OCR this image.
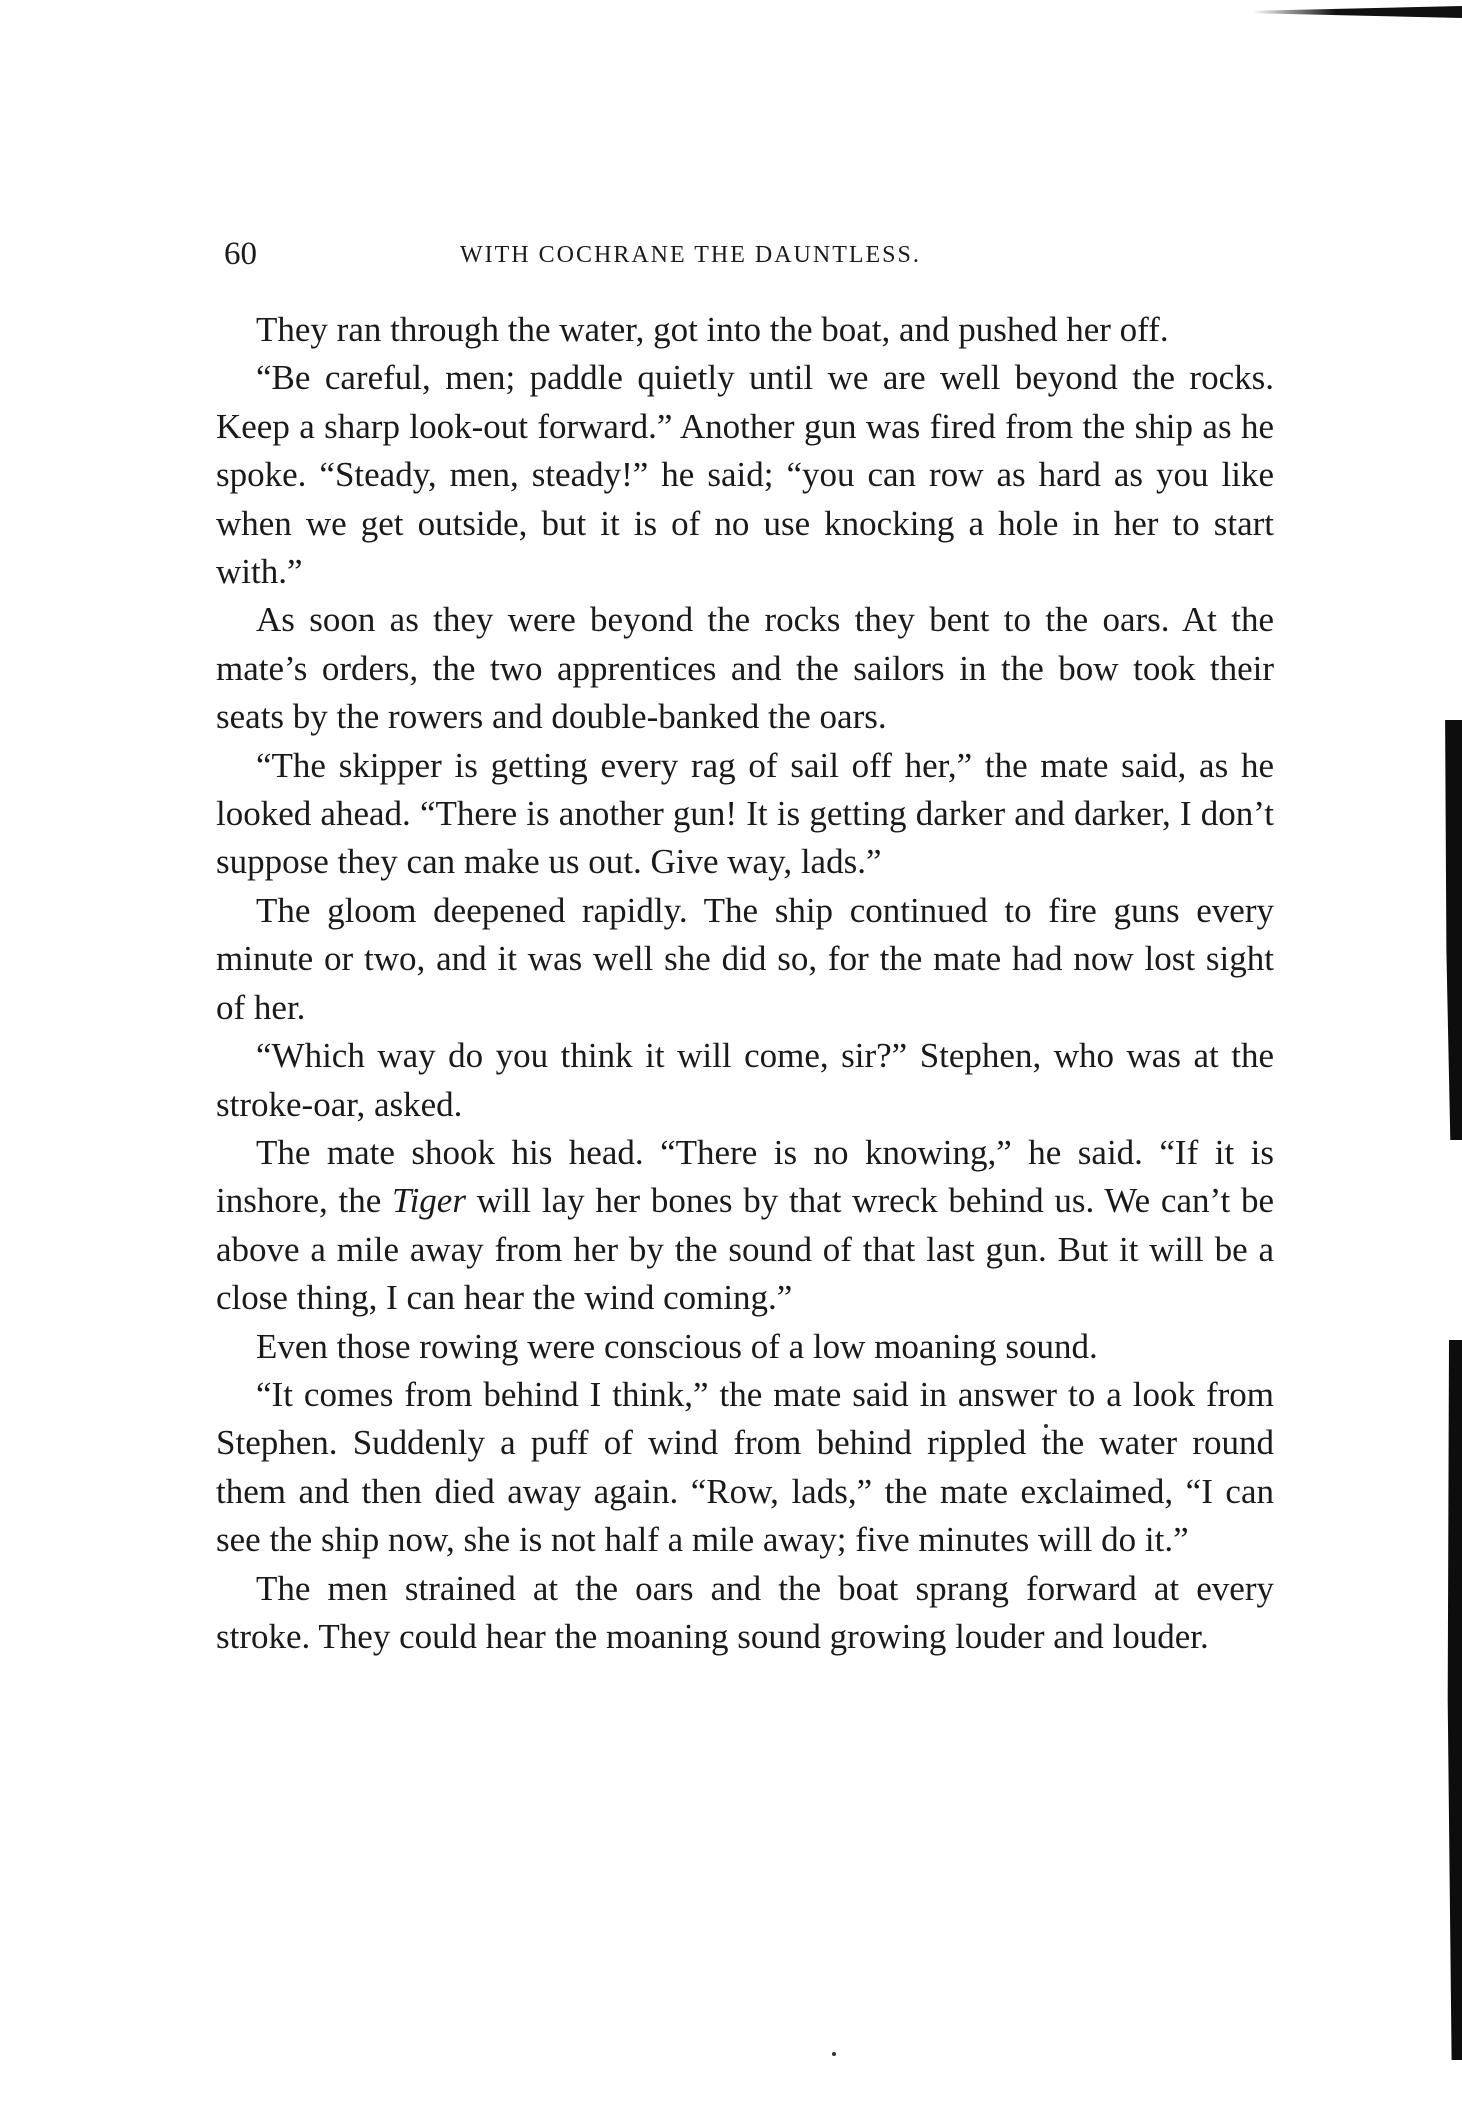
60	WITH COCHRANE THE DAUNTLESS.

They ran through the water, got into the boat, and pushed her off.

“Be careful, men; paddle quietly until we are well beyond the rocks. Keep a sharp look-out forward.” Another gun was fired from the ship as he spoke. “Steady, men, steady!” he said; “you can row as hard as you like when we get outside, but it is of no use knocking a hole in her to start with.”

As soon as they were beyond the rocks they bent to the oars. At the mate’s orders, the two apprentices and the sailors in the bow took their seats by the rowers and double-banked the oars.

“The skipper is getting every rag of sail off her,” the mate said, as he looked ahead. “There is another gun! It is getting darker and darker, I don’t suppose they can make us out. Give way, lads.”

The gloom deepened rapidly. The ship continued to fire guns every minute or two, and it was well she did so, for the mate had now lost sight of her.

“Which way do you think it will come, sir?” Stephen, who was at the stroke-oar, asked.

The mate shook his head. “There is no knowing,” he said. “If it is inshore, the Tiger will lay her bones by that wreck behind us. We can’t be above a mile away from her by the sound of that last gun. But it will be a close thing, I can hear the wind coming.”

Even those rowing were conscious of a low moaning sound.

“It comes from behind I think,” the mate said in answer to a look from Stephen. Suddenly a puff of wind from behind rippled the water round them and then died away again. “Row, lads,” the mate exclaimed, “I can see the ship now, she is not half a mile away; five minutes will do it.”

The men strained at the oars and the boat sprang forward at every stroke. They could hear the moaning sound growing louder and louder.
